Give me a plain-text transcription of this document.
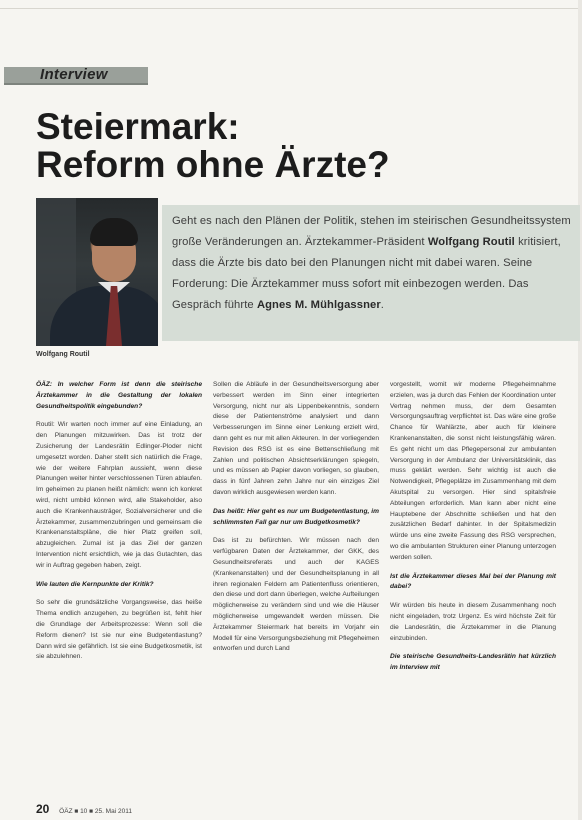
Interview
Steiermark:
Reform ohne Ärzte?
Wolfgang Routil
Geht es nach den Plänen der Politik, stehen im steirischen Gesundheitssystem große Veränderungen an. Ärztekammer-Präsident Wolfgang Routil kritisiert, dass die Ärzte bis dato bei den Planungen nicht mit dabei waren. Seine Forderung: Die Ärztekammer muss sofort mit einbezogen werden. Das Gespräch führte Agnes M. Mühlgassner.

ÖÄZ: In welcher Form ist denn die steirische Ärztekammer in die Gestaltung der lokalen Gesundheitspolitik eingebunden?

Routil: Wir warten noch immer auf eine Einladung, an den Planungen mitzuwirken. Das ist trotz der Zusicherung der Landesrätin Edlinger-Ploder nicht umgesetzt worden. Daher stellt sich natürlich die Frage, wie der weitere Fahrplan aussieht, wenn diese Planungen weiter hinter verschlossenen Türen ablaufen. Im geheimen zu planen heißt nämlich: wenn ich konkret wird, nicht umbild können wird, alle Stakeholder, also auch die Krankenhausträger, Sozialversicherer und die Ärztekammer, zusammenzubringen und gemeinsam die Krankenanstaltspläne, die hier Platz greifen soll, abzugleichen. Zumal ist ja das Ziel der ganzen Intervention nicht ersichtlich, wie ja das Gutachten, das wir in Auftrag gegeben haben, zeigt.

Wie lauten die Kernpunkte der Kritik?

So sehr die grundsätzliche Vorgangsweise, das heiße Thema endlich anzugehen, zu begrüßen ist, fehlt hier die Grundlage der Arbeitsprozesse: Wenn soll die Reform dienen? Ist sie nur eine Budgetentlastung? Dann wird sie gefährlich. Ist sie eine Budgetkosmetik, ist sie abzulehnen.

Sollen die Abläufe in der Gesundheitsversorgung aber verbessert werden im Sinn einer integrierten Versorgung, nicht nur als Lippenbekenntnis, sondern diese der Patientenströme analysiert und dann Verbesserungen im Sinne einer Lenkung erzielt wird, dann geht es nur mit allen Akteuren. In der vorliegenden Revision des RSG ist es eine Bettenschließung mit Zahlen und politischen Absichtserklärungen spiegeln, und es müssen ab Papier davon vorliegen, so glauben, dass in fünf Jahren zehn Jahre nur ein einziges Ziel davon wirklich ausgewiesen werden kann.

Das heißt: Hier geht es nur um Budgetentlastung, im schlimmsten Fall gar nur um Budgetkosmetik?

Das ist zu befürchten. Wir müssen nach den verfügbaren Daten der Ärztekammer, der GKK, des Gesundheitsreferats und auch der KAGES (Krankenanstalten) und der Gesundheitsplanung in all ihren regionalen Feldern am Patientenfluss orientieren, den diese und dort dann überlegen, welche Aufteilungen möglicherweise zu verändern sind und wie die Häuser möglicherweise umgewandelt werden müssen. Die Ärztekammer Steiermark hat bereits im Vorjahr ein Modell für eine Versorgungsbeziehung mit Pflegeheimen entworfen und durch Land

vorgestellt, womit wir moderne Pflegeheimnahme erzielen, was ja durch das Fehlen der Koordination unter Vertrag nehmen muss, der dem Gesamten Versorgungsauftrag verpflichtet ist. Das wäre eine große Chance für Wahlärzte, aber auch für kleinere Krankenanstalten, die sonst nicht leistungsfähig wären. Es geht nicht um das Pflegepersonal zur ambulanten Versorgung in der Ambulanz der Universitätsklinik, das muss geklärt werden. Sehr wichtig ist auch die Notwendigkeit, Pflegeplätze im Zusammenhang mit dem Akutspital zu versorgen. Hier sind spitalsfreie Abteilungen erforderlich. Man kann aber nicht eine Hauptebene der Abschnitte schließen und hat den zusätzlichen Bedarf dahinter. In der Spitalsmedizin würde uns eine zweite Fassung des RSG versprechen, wo die ambulanten Strukturen einer Planung unterzogen werden sollen.

Ist die Ärztekammer dieses Mal bei der Planung mit dabei?

Wir würden bis heute in diesem Zusammenhang noch nicht eingeladen, trotz Urgenz. Es wird höchste Zeit für die Landesrätin, die Ärztekammer in die Planung einzubinden.

Die steirische Gesundheits-Landesrätin hat kürzlich im Interview mit

20 ÖÄZ ■ 10 ■ 25. Mai 2011
